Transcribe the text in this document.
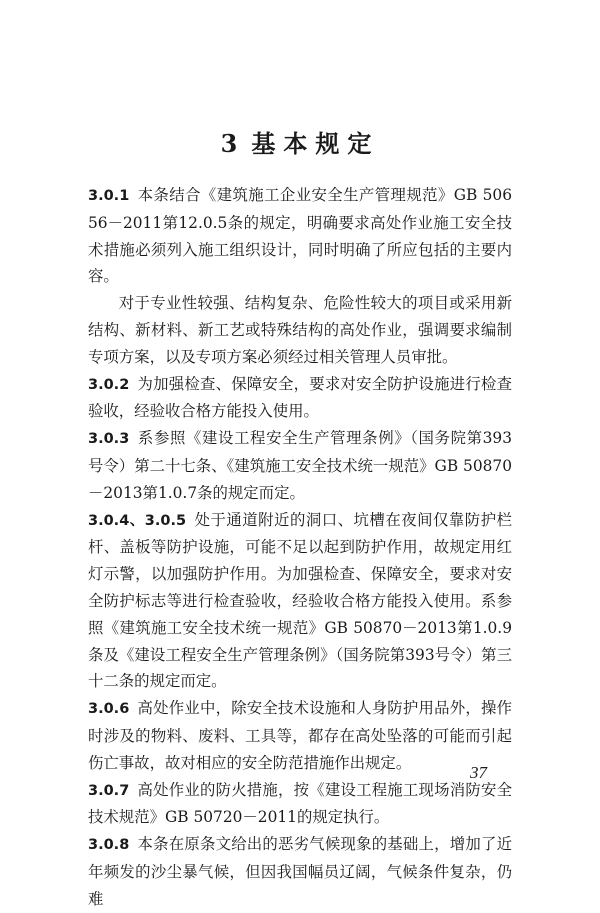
3 基本规定

3.0.1 本条结合《建筑施工企业安全生产管理规范》GB 50656－2011第12.0.5条的规定，明确要求高处作业施工安全技术措施必须列入施工组织设计，同时明确了所应包括的主要内容。

对于专业性较强、结构复杂、危险性较大的项目或采用新结构、新材料、新工艺或特殊结构的高处作业，强调要求编制专项方案，以及专项方案必须经过相关管理人员审批。

3.0.2 为加强检查、保障安全，要求对安全防护设施进行检查验收，经验收合格方能投入使用。

3.0.3 系参照《建设工程安全生产管理条例》（国务院第393号令）第二十七条、《建筑施工安全技术统一规范》GB 50870－2013第1.0.7条的规定而定。

3.0.4、3.0.5 处于通道附近的洞口、坑槽在夜间仅靠防护栏杆、盖板等防护设施，可能不足以起到防护作用，故规定用红灯示警，以加强防护作用。为加强检查、保障安全，要求对安全防护标志等进行检查验收，经验收合格方能投入使用。系参照《建筑施工安全技术统一规范》GB 50870－2013第1.0.9条及《建设工程安全生产管理条例》（国务院第393号令）第三十二条的规定而定。

3.0.6 高处作业中，除安全技术设施和人身防护用品外，操作时涉及的物料、废料、工具等，都存在高处坠落的可能而引起伤亡事故，故对相应的安全防范措施作出规定。

3.0.7 高处作业的防火措施，按《建设工程施工现场消防安全技术规范》GB 50720－2011的规定执行。

3.0.8 本条在原条文给出的恶劣气候现象的基础上，增加了近年频发的沙尘暴气候，但因我国幅员辽阔，气候条件复杂，仍难

37
